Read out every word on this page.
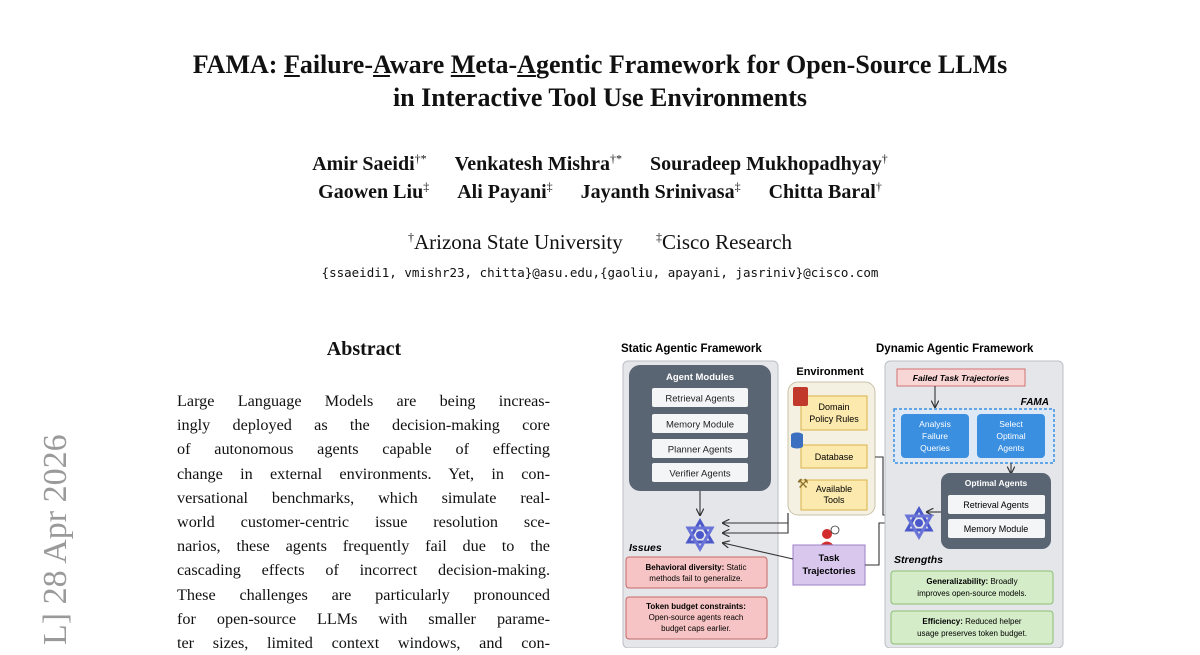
FAMA: Failure-Aware Meta-Agentic Framework for Open-Source LLMs
in Interactive Tool Use Environments
Amir Saeidi†* Venkatesh Mishra†* Souradeep Mukhopadhyay†
Gaowen Liu‡ Ali Payani‡ Jayanth Srinivasa‡ Chitta Baral†
†Arizona State University	‡Cisco Research
{ssaeidi1, vmishr23, chitta}@asu.edu,{gaoliu, apayani, jasriniv}@cisco.com
L] 28 Apr 2026
Abstract
Large Language Models are being increas-
ingly deployed as the decision-making core
of autonomous agents capable of effecting
change in external environments. Yet, in con-
versational benchmarks, which simulate real-
world customer-centric issue resolution sce-
narios, these agents frequently fail due to the
cascading effects of incorrect decision-making.
These challenges are particularly pronounced
for open-source LLMs with smaller parame-
ter sizes, limited context windows, and con-
Static Agentic Framework	Dynamic Agentic Framework
Agent Modules
Retrieval Agents
Memory Module
Planner Agents
Verifier Agents
Issues
Behavioral diversity: Static
methods fail to generalize.
Token budget constraints:
Open-source agents reach
budget caps earlier.
Environment
Domain
Policy Rules
Database
⚒ Available
Tools
Task
Trajectories
Failed Task Trajectories
FAMA
Analysis
Failure
Queries
Select
Optimal
Agents
Optimal Agents
Retrieval Agents
Memory Module
Strengths
Generalizability: Broadly
improves open-source models.
Efficiency: Reduced helper
usage preserves token budget.
